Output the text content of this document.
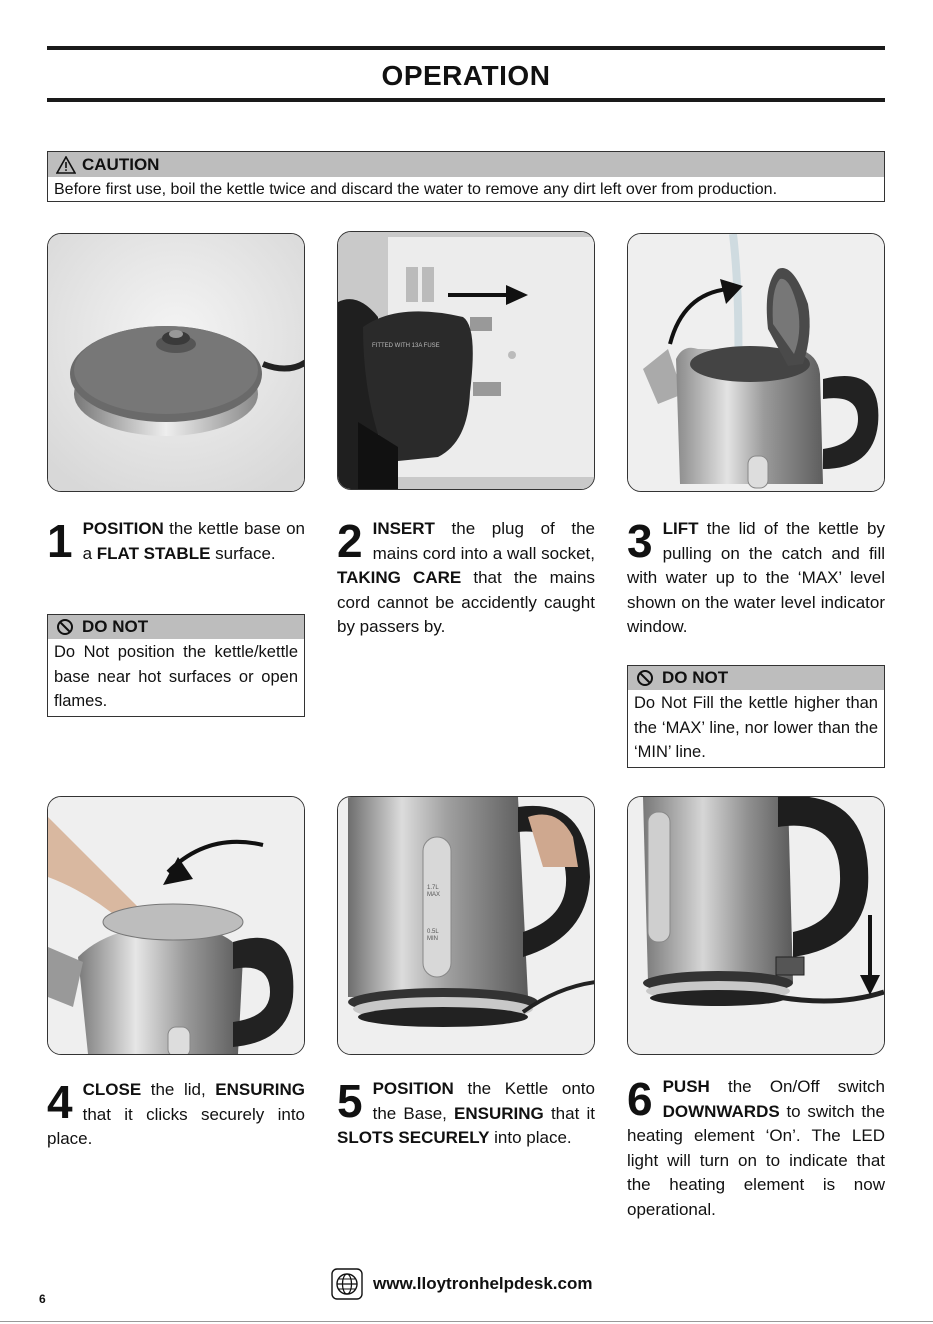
OPERATION
CAUTION
Before first use, boil the kettle twice and discard the water to remove any dirt left over from production.
FITTED WITH 13A FUSE
1 POSITION the kettle base on a FLAT STABLE surface.	2 INSERT the plug of the mains cord into a wall socket, TAKING CARE that the mains cord cannot be accidently caught by passers by.
3 LIFT the lid of the kettle by pulling on the catch and fill with water up to the ‘MAX’ level shown on the water level indicator window.
DO NOT
Do Not position the kettle/kettle base near hot surfaces or open flames.
DO NOT
Do Not Fill the kettle higher than the ‘MAX’ line, nor lower than the ‘MIN’ line.
1.7L
MAX
0.5L
MIN
4 CLOSE the lid, ENSURING that it clicks securely into place.
5 POSITION the Kettle onto the Base, ENSURING that it SLOTS SECURELY into place.
6 PUSH the On/Off switch DOWNWARDS to switch the heating element ‘On’. The LED light will turn on to indicate that the heating element is now operational.
www.lloytronhelpdesk.com
6
